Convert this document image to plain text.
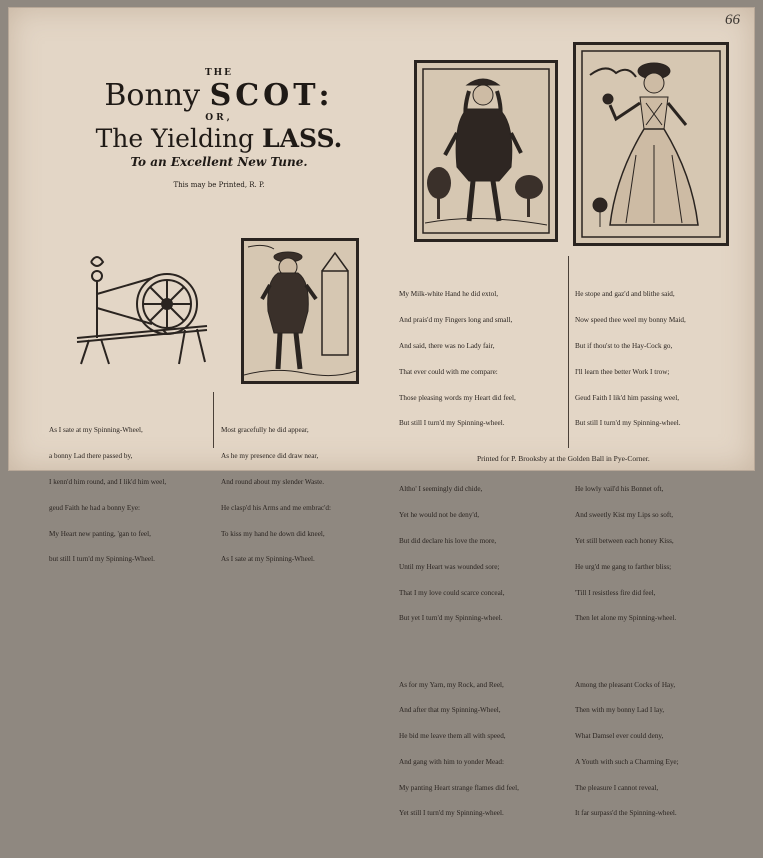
66
THE
Bonny SCOT:
OR,
The Yielding LASS.
To an Excellent New Tune.
This may be Printed, R. P.

As I sate at my Spinning-Wheel,

a bonny Lad there passed by,

I kenn'd him round, and I lik'd him weel,

geud Faith he had a bonny Eye:

My Heart new panting, 'gan to feel,

but still I turn'd my Spinning-Wheel.

Most gracefully he did appear,

As he my presence did draw near,

And round about my slender Waste.

He clasp'd his Arms and me embrac'd:

To kiss my hand he down did kneel,

As I sate at my Spinning-Wheel.

My Milk-white Hand he did extol,

And prais'd my Fingers long and small,

And said, there was no Lady fair,

That ever could with me compare:

Those pleasing words my Heart did feel,

But still I turn'd my Spinning-wheel.

Altho' I seemingly did chide,

Yet he would not be deny'd,

But did declare his love the more,

Until my Heart was wounded sore;

That I my love could scarce conceal,

But yet I turn'd my Spinning-wheel.

As for my Yarn, my Rock, and Reel,

And after that my Spinning-Wheel,

He bid me leave them all with speed,

And gang with him to yonder Mead:

My panting Heart strange flames did feel,

Yet still I turn'd my Spinning-wheel.

He stope and gaz'd and blithe said,

Now speed thee weel my bonny Maid,

But if thou'st to the Hay-Cock go,

I'll learn thee better Work I trow;

Geud Faith I lik'd him passing weel,

But still I turn'd my Spinning-wheel.

He lowly vail'd his Bonnet oft,

And sweetly Kist my Lips so soft,

Yet still between each honey Kiss,

He urg'd me gang to farther bliss;

'Till I resistless fire did feel,

Then let alone my Spinning-wheel.

Among the pleasant Cocks of Hay,

Then with my bonny Lad I lay,

What Damsel ever could deny,

A Youth with such a Charming Eye;

The pleasure I cannot reveal,

It far surpass'd the Spinning-wheel.

Printed for P. Brooksby at the Golden Ball in Pye-Corner.
